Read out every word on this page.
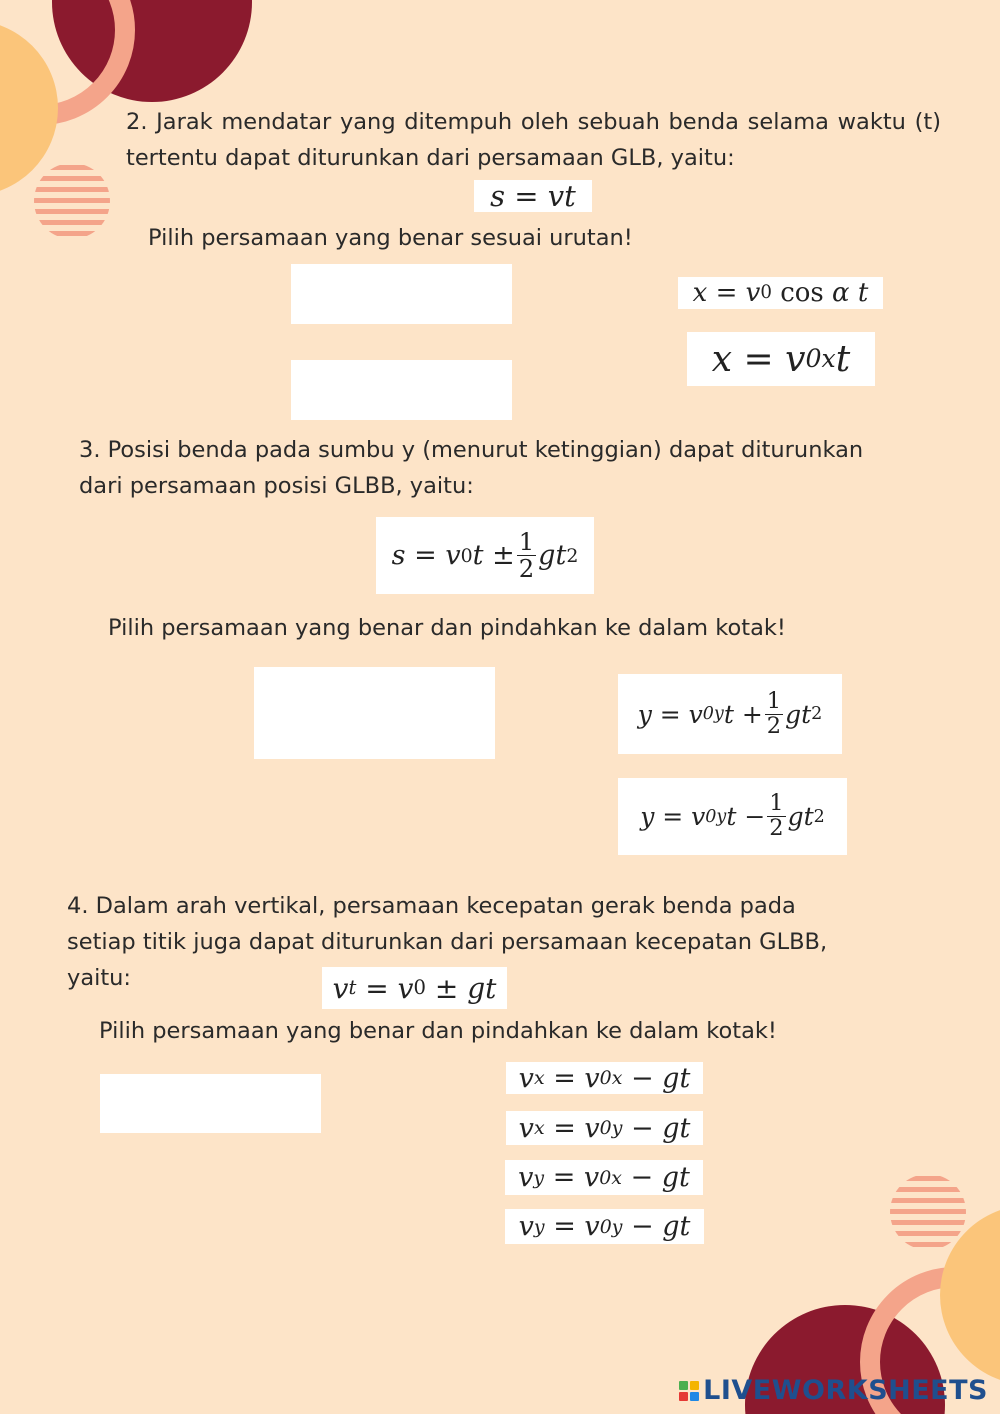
2. Jarak mendatar yang ditempuh oleh sebuah benda selama waktu (t) tertentu dapat diturunkan dari persamaan GLB, yaitu:

s
=
vt

Pilih persamaan yang benar sesuai urutan!

x
=
v 0
cos
α
t
x
=
v 0x t

3. Posisi benda pada sumbu y (menurut ketinggian) dapat diturunkan dari persamaan posisi GLBB, yaitu:

s
=
v 0 t
± $\frac{1}{2}$ g t 2

Pilih persamaan yang benar dan pindahkan ke dalam kotak!

y
=
v 0y t
+ $\frac{1}{2}$ g t 2
y
=
v 0y t
− $\frac{1}{2}$ g t 2

4. Dalam arah vertikal, persamaan kecepatan gerak benda pada setiap titik juga dapat diturunkan dari persamaan kecepatan GLBB, yaitu:	v t
=
v 0
±
gt

Pilih persamaan yang benar dan pindahkan ke dalam kotak!

v x
=
v 0x
−
gt
v x
=
v 0y
−
gt
v y
=
v 0x
−
gt
v y
=
v 0y
−
gt
LIVEWORKSHEETS
